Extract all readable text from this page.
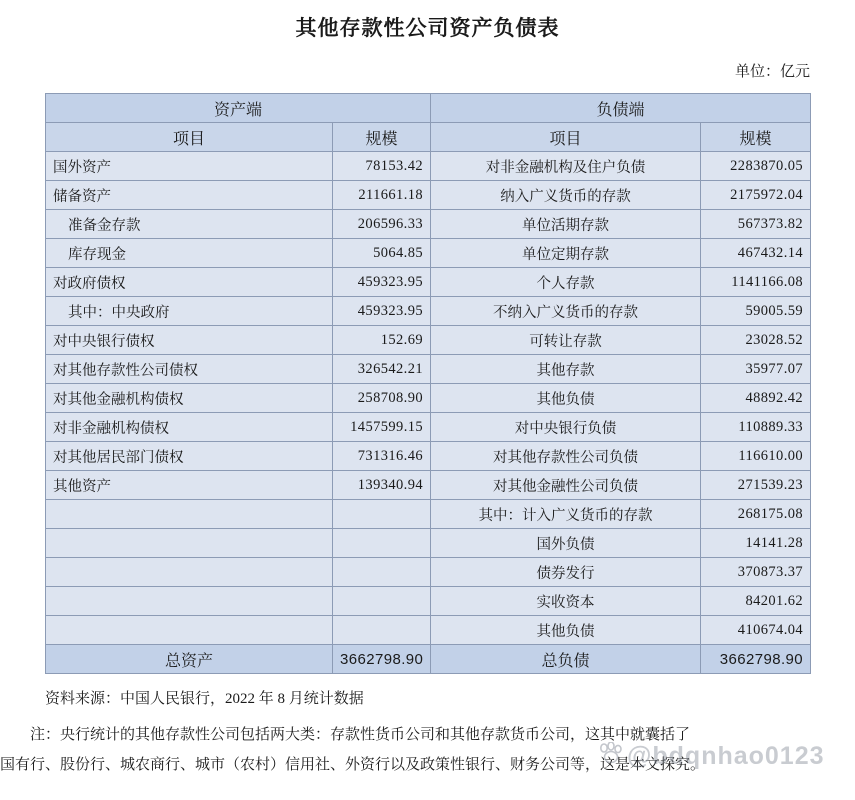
其他存款性公司资产负债表
单位：亿元
资产端		负债端	
项目	规模	项目	规模
国外资产	78153.42	对非金融机构及住户负债	2283870.05
储备资产	211661.18	纳入广义货币的存款	2175972.04
准备金存款	206596.33	单位活期存款	567373.82
库存现金	5064.85	单位定期存款	467432.14
对政府债权	459323.95	个人存款	1141166.08
其中：中央政府	459323.95	不纳入广义货币的存款	59005.59
对中央银行债权	152.69	可转让存款	23028.52
对其他存款性公司债权	326542.21	其他存款	35977.07
对其他金融机构债权	258708.90	其他负债	48892.42
对非金融机构债权	1457599.15	对中央银行负债	110889.33
对其他居民部门债权	731316.46	对其他存款性公司负债	116610.00
其他资产	139340.94	对其他金融性公司负债	271539.23
		其中：计入广义货币的存款	268175.08
		国外负债	14141.28
		债券发行	370873.37
		实收资本	84201.62
		其他负债	410674.04
总资产	3662798.90	总负债	3662798.90
资料来源：中国人民银行，2022 年 8 月统计数据
注：央行统计的其他存款性公司包括两大类：存款性货币公司和其他存款货币公司，这其中就囊括了
国有行、股份行、城农商行、城市（农村）信用社、外资行以及政策性银行、财务公司等，这是本文探究。
@bdqnhao0123
